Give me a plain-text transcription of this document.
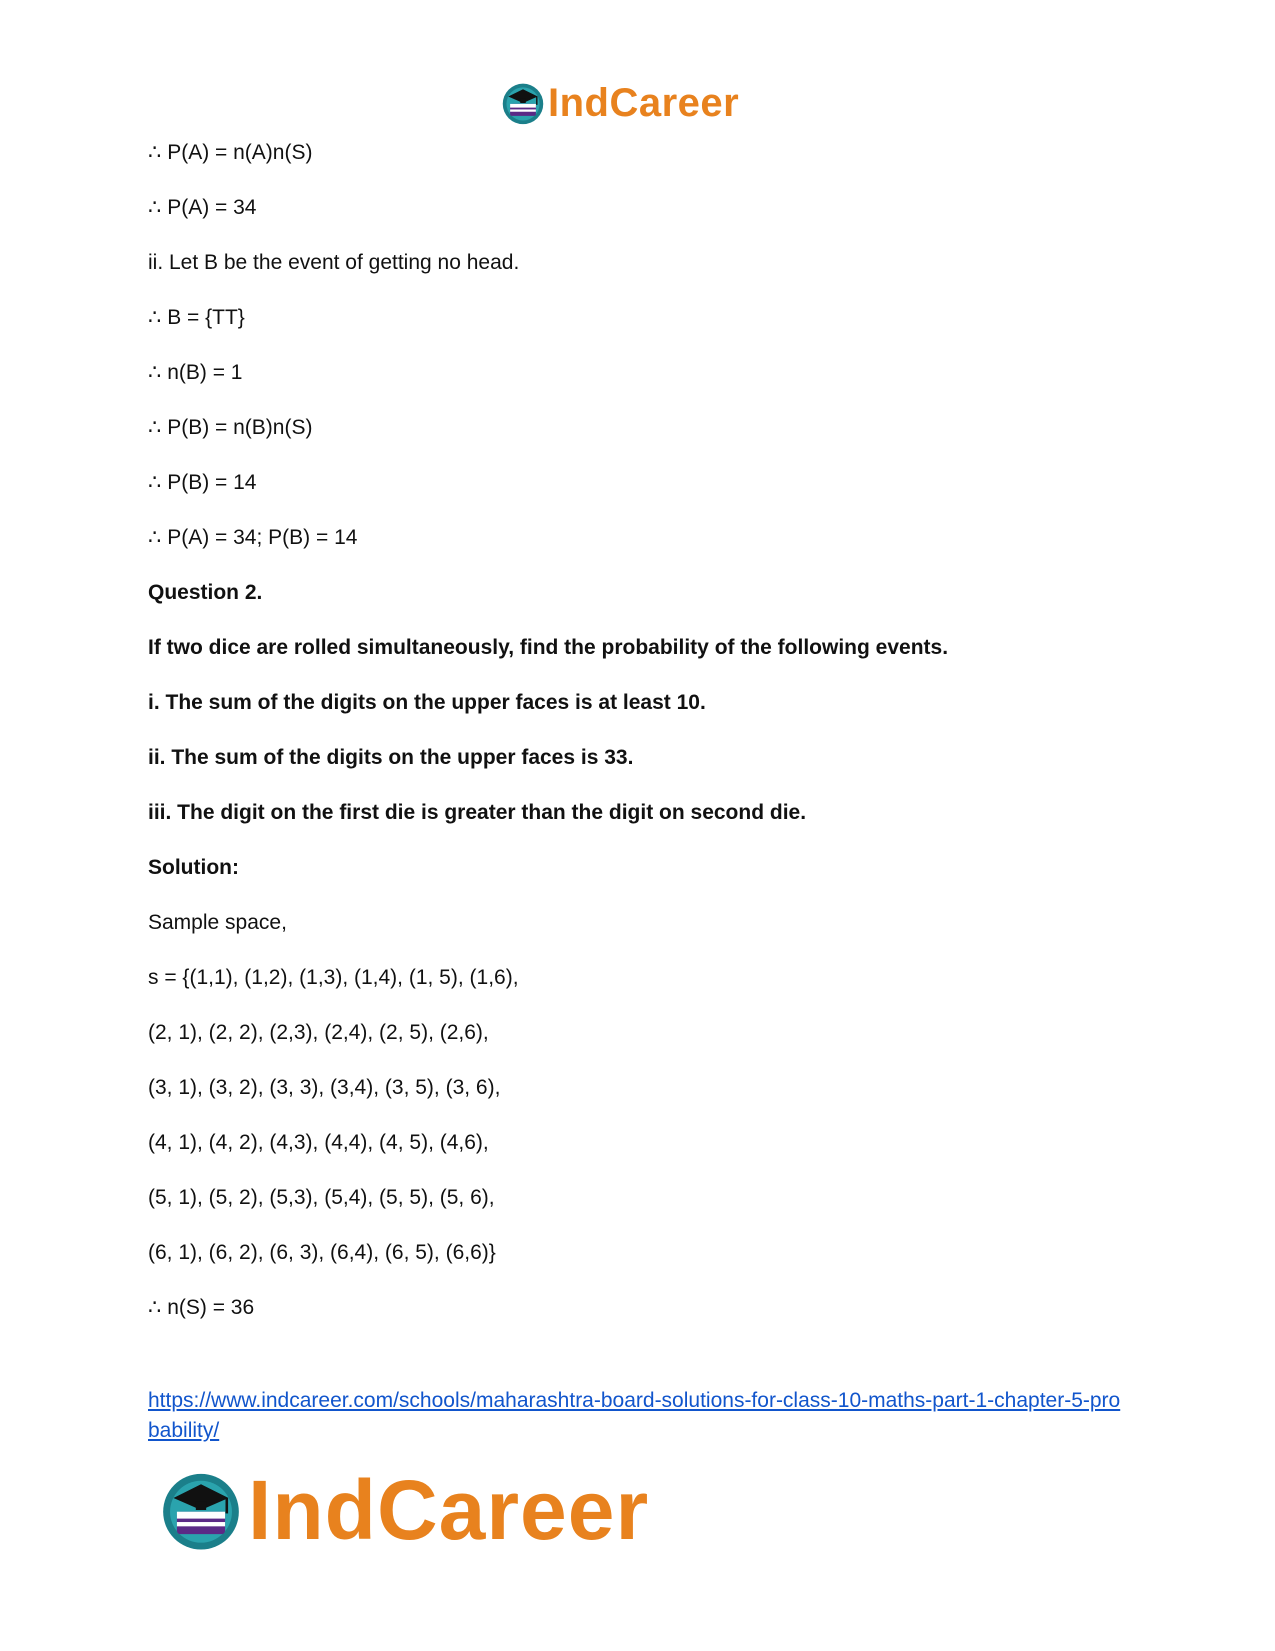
IndCareer
∴ P(A) = n(A)n(S)
∴ P(A) = 34
ii. Let B be the event of getting no head.
∴ B = {TT}
∴ n(B) = 1
∴ P(B) = n(B)n(S)
∴ P(B) = 14
∴ P(A) = 34; P(B) = 14
Question 2.
If two dice are rolled simultaneously, find the probability of the following events.
i. The sum of the digits on the upper faces is at least 10.
ii. The sum of the digits on the upper faces is 33.
iii. The digit on the first die is greater than the digit on second die.
Solution:
Sample space,
s = {(1,1), (1,2), (1,3), (1,4), (1, 5), (1,6),
(2, 1), (2, 2), (2,3), (2,4), (2, 5), (2,6),
(3, 1), (3, 2), (3, 3), (3,4), (3, 5), (3, 6),
(4, 1), (4, 2), (4,3), (4,4), (4, 5), (4,6),
(5, 1), (5, 2), (5,3), (5,4), (5, 5), (5, 6),
(6, 1), (6, 2), (6, 3), (6,4), (6, 5), (6,6)}
∴ n(S) = 36
https://www.indcareer.com/schools/maharashtra-board-solutions-for-class-10-maths-part-1-chapter-5-probability/
IndCareer
